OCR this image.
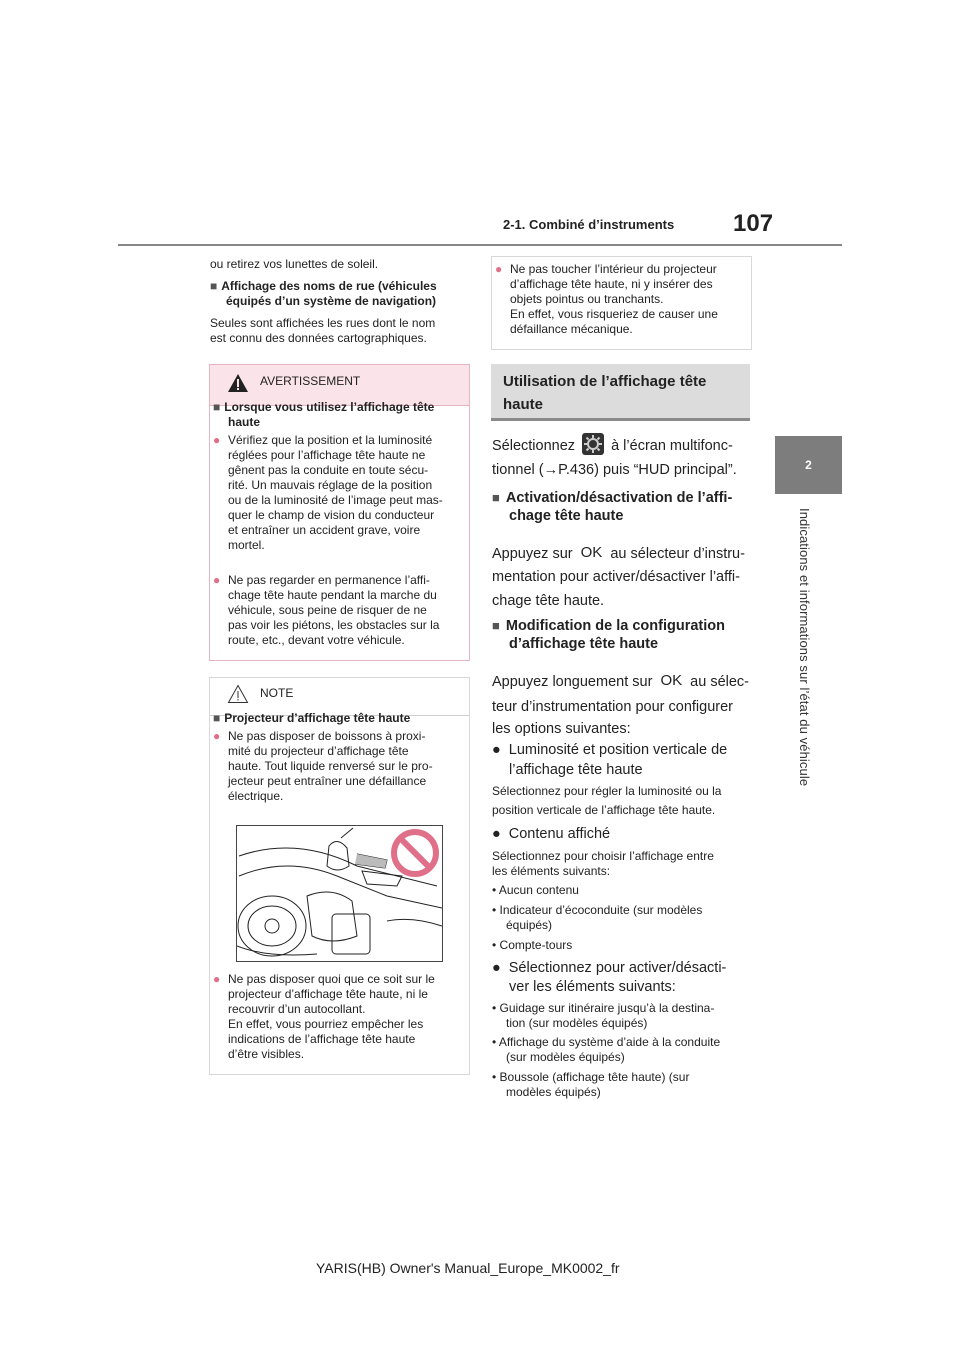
2-1. Combiné d’instruments 107
2
Indications et informations sur l’état du véhicule
ou retirez vos lunettes de soleil.
■ Affichage des noms de rue (véhicules
équipés d’un système de navigation)
Seules sont affichées les rues dont le nom
est connu des données cartographiques.
AVERTISSEMENT
■ Lorsque vous utilisez l’affichage tête
haute
● Vérifiez que la position et la luminosité
réglées pour l’affichage tête haute ne
gênent pas la conduite en toute sécu-
rité. Un mauvais réglage de la position
ou de la luminosité de l’image peut mas-
quer le champ de vision du conducteur
et entraîner un accident grave, voire
mortel.
● Ne pas regarder en permanence l’affi-
chage tête haute pendant la marche du
véhicule, sous peine de risquer de ne
pas voir les piétons, les obstacles sur la
route, etc., devant votre véhicule.
NOTE
■ Projecteur d’affichage tête haute
● Ne pas disposer de boissons à proxi-
mité du projecteur d’affichage tête
haute. Tout liquide renversé sur le pro-
jecteur peut entraîner une défaillance
électrique.
● Ne pas disposer quoi que ce soit sur le
projecteur d’affichage tête haute, ni le
recouvrir d’un autocollant.
En effet, vous pourriez empêcher les
indications de l’affichage tête haute
d’être visibles.
● Ne pas toucher l’intérieur du projecteur
d’affichage tête haute, ni y insérer des
objets pointus ou tranchants.
En effet, vous risqueriez de causer une
défaillance mécanique.
Utilisation de l’affichage tête
haute
Sélectionnez à l’écran multifonc-
tionnel (→P.436) puis “HUD principal”.
■ Activation/désactivation de l’affi-
chage tête haute
Appuyez sur OK au sélecteur d’instru-
mentation pour activer/désactiver l’affi-
chage tête haute.
■ Modification de la configuration
d’affichage tête haute
Appuyez longuement sur OK au sélec-
teur d’instrumentation pour configurer
les options suivantes:
● Luminosité et position verticale de
l’affichage tête haute
Sélectionnez pour régler la luminosité ou la
position verticale de l’affichage tête haute.
● Contenu affiché
Sélectionnez pour choisir l’affichage entre
les éléments suivants:
• Aucun contenu
• Indicateur d’écoconduite (sur modèles
équipés)
• Compte-tours
● Sélectionnez pour activer/désacti-
ver les éléments suivants:
• Guidage sur itinéraire jusqu’à la destina-
tion (sur modèles équipés)
• Affichage du système d’aide à la conduite
(sur modèles équipés)
• Boussole (affichage tête haute) (sur
modèles équipés)
YARIS(HB) Owner's Manual_Europe_MK0002_fr
